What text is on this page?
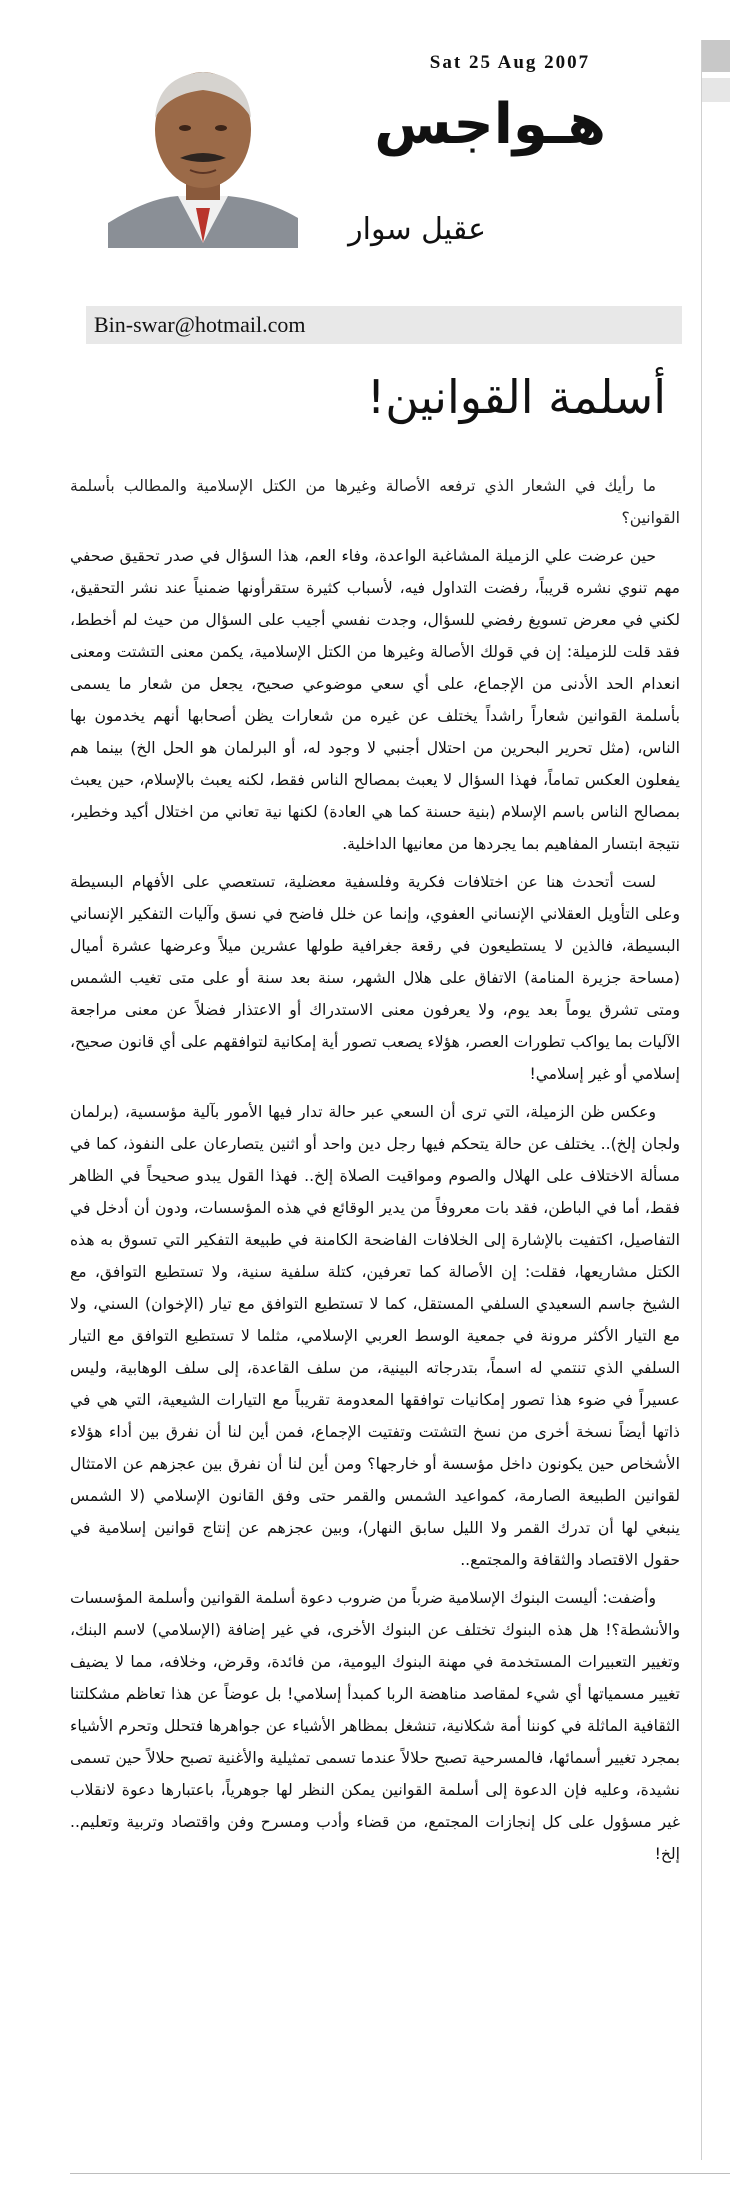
Sat 25 Aug 2007
هـواجس
عقيل سوار
Bin-swar@hotmail.com
أسلمة القوانين!

ما رأيك في الشعار الذي ترفعه الأصالة وغيرها من الكتل الإسلامية والمطالب بأسلمة القوانين؟

حين عرضت علي الزميلة المشاغبة الواعدة، وفاء العم، هذا السؤال في صدر تحقيق صحفي مهم تنوي نشره قريباً، رفضت التداول فيه، لأسباب كثيرة ستقرأونها ضمنياً عند نشر التحقيق، لكني في معرض تسويغ رفضي للسؤال، وجدت نفسي أجيب على السؤال من حيث لم أخطط، فقد قلت للزميلة: إن في قولك الأصالة وغيرها من الكتل الإسلامية، يكمن معنى التشتت ومعنى انعدام الحد الأدنى من الإجماع، على أي سعي موضوعي صحيح، يجعل من شعار ما يسمى بأسلمة القوانين شعاراً راشداً يختلف عن غيره من شعارات يظن أصحابها أنهم يخدمون بها الناس، (مثل تحرير البحرين من احتلال أجنبي لا وجود له، أو البرلمان هو الحل الخ) بينما هم يفعلون العكس تماماً، فهذا السؤال لا يعبث بمصالح الناس فقط، لكنه يعبث بالإسلام، حين يعبث بمصالح الناس باسم الإسلام (بنية حسنة كما هي العادة) لكنها نية تعاني من اختلال أكيد وخطير، نتيجة ابتسار المفاهيم بما يجردها من معانيها الداخلية.

لست أتحدث هنا عن اختلافات فكرية وفلسفية معضلية، تستعصي على الأفهام البسيطة وعلى التأويل العقلاني الإنساني العفوي، وإنما عن خلل فاضح في نسق وآليات التفكير الإنساني البسيطة، فالذين لا يستطيعون في رقعة جغرافية طولها عشرين ميلاً وعرضها عشرة أميال (مساحة جزيرة المنامة) الاتفاق على هلال الشهر، سنة بعد سنة أو على متى تغيب الشمس ومتى تشرق يوماً بعد يوم، ولا يعرفون معنى الاستدراك أو الاعتذار فضلاً عن معنى مراجعة الآليات بما يواكب تطورات العصر، هؤلاء يصعب تصور أية إمكانية لتوافقهم على أي قانون صحيح، إسلامي أو غير إسلامي!

وعكس ظن الزميلة، التي ترى أن السعي عبر حالة تدار فيها الأمور بآلية مؤسسية، (برلمان ولجان إلخ).. يختلف عن حالة يتحكم فيها رجل دين واحد أو اثنين يتصارعان على النفوذ، كما في مسألة الاختلاف على الهلال والصوم ومواقيت الصلاة إلخ.. فهذا القول يبدو صحيحاً في الظاهر فقط، أما في الباطن، فقد بات معروفاً من يدير الوقائع في هذه المؤسسات، ودون أن أدخل في التفاصيل، اكتفيت بالإشارة إلى الخلافات الفاضحة الكامنة في طبيعة التفكير التي تسوق به هذه الكتل مشاريعها، فقلت: إن الأصالة كما تعرفين، كتلة سلفية سنية، ولا تستطيع التوافق، مع الشيخ جاسم السعيدي السلفي المستقل، كما لا تستطيع التوافق مع تيار (الإخوان) السني، ولا مع التيار الأكثر مرونة في جمعية الوسط العربي الإسلامي، مثلما لا تستطيع التوافق مع التيار السلفي الذي تنتمي له اسماً، بتدرجاته البينية، من سلف القاعدة، إلى سلف الوهابية، وليس عسيراً في ضوء هذا تصور إمكانيات توافقها المعدومة تقريباً مع التيارات الشيعية، التي هي في ذاتها أيضاً نسخة أخرى من نسخ التشتت وتفتيت الإجماع، فمن أين لنا أن نفرق بين أداء هؤلاء الأشخاص حين يكونون داخل مؤسسة أو خارجها؟ ومن أين لنا أن نفرق بين عجزهم عن الامتثال لقوانين الطبيعة الصارمة، كمواعيد الشمس والقمر حتى وفق القانون الإسلامي (لا الشمس ينبغي لها أن تدرك القمر ولا الليل سابق النهار)، وبين عجزهم عن إنتاج قوانين إسلامية في حقول الاقتصاد والثقافة والمجتمع..

وأضفت: أليست البنوك الإسلامية ضرباً من ضروب دعوة أسلمة القوانين وأسلمة المؤسسات والأنشطة؟! هل هذه البنوك تختلف عن البنوك الأخرى، في غير إضافة (الإسلامي) لاسم البنك، وتغيير التعبيرات المستخدمة في مهنة البنوك اليومية، من فائدة، وقرض، وخلافه، مما لا يضيف تغيير مسمياتها أي شيء لمقاصد مناهضة الربا كمبدأ إسلامي! بل عوضاً عن هذا تعاظم مشكلتنا الثقافية الماثلة في كوننا أمة شكلانية، تنشغل بمظاهر الأشياء عن جواهرها فتحلل وتحرم الأشياء بمجرد تغيير أسمائها، فالمسرحية تصبح حلالاً عندما تسمى تمثيلية والأغنية تصبح حلالاً حين تسمى نشيدة، وعليه فإن الدعوة إلى أسلمة القوانين يمكن النظر لها جوهرياً، باعتبارها دعوة لانقلاب غير مسؤول على كل إنجازات المجتمع، من قضاء وأدب ومسرح وفن واقتصاد وتربية وتعليم.. إلخ!
